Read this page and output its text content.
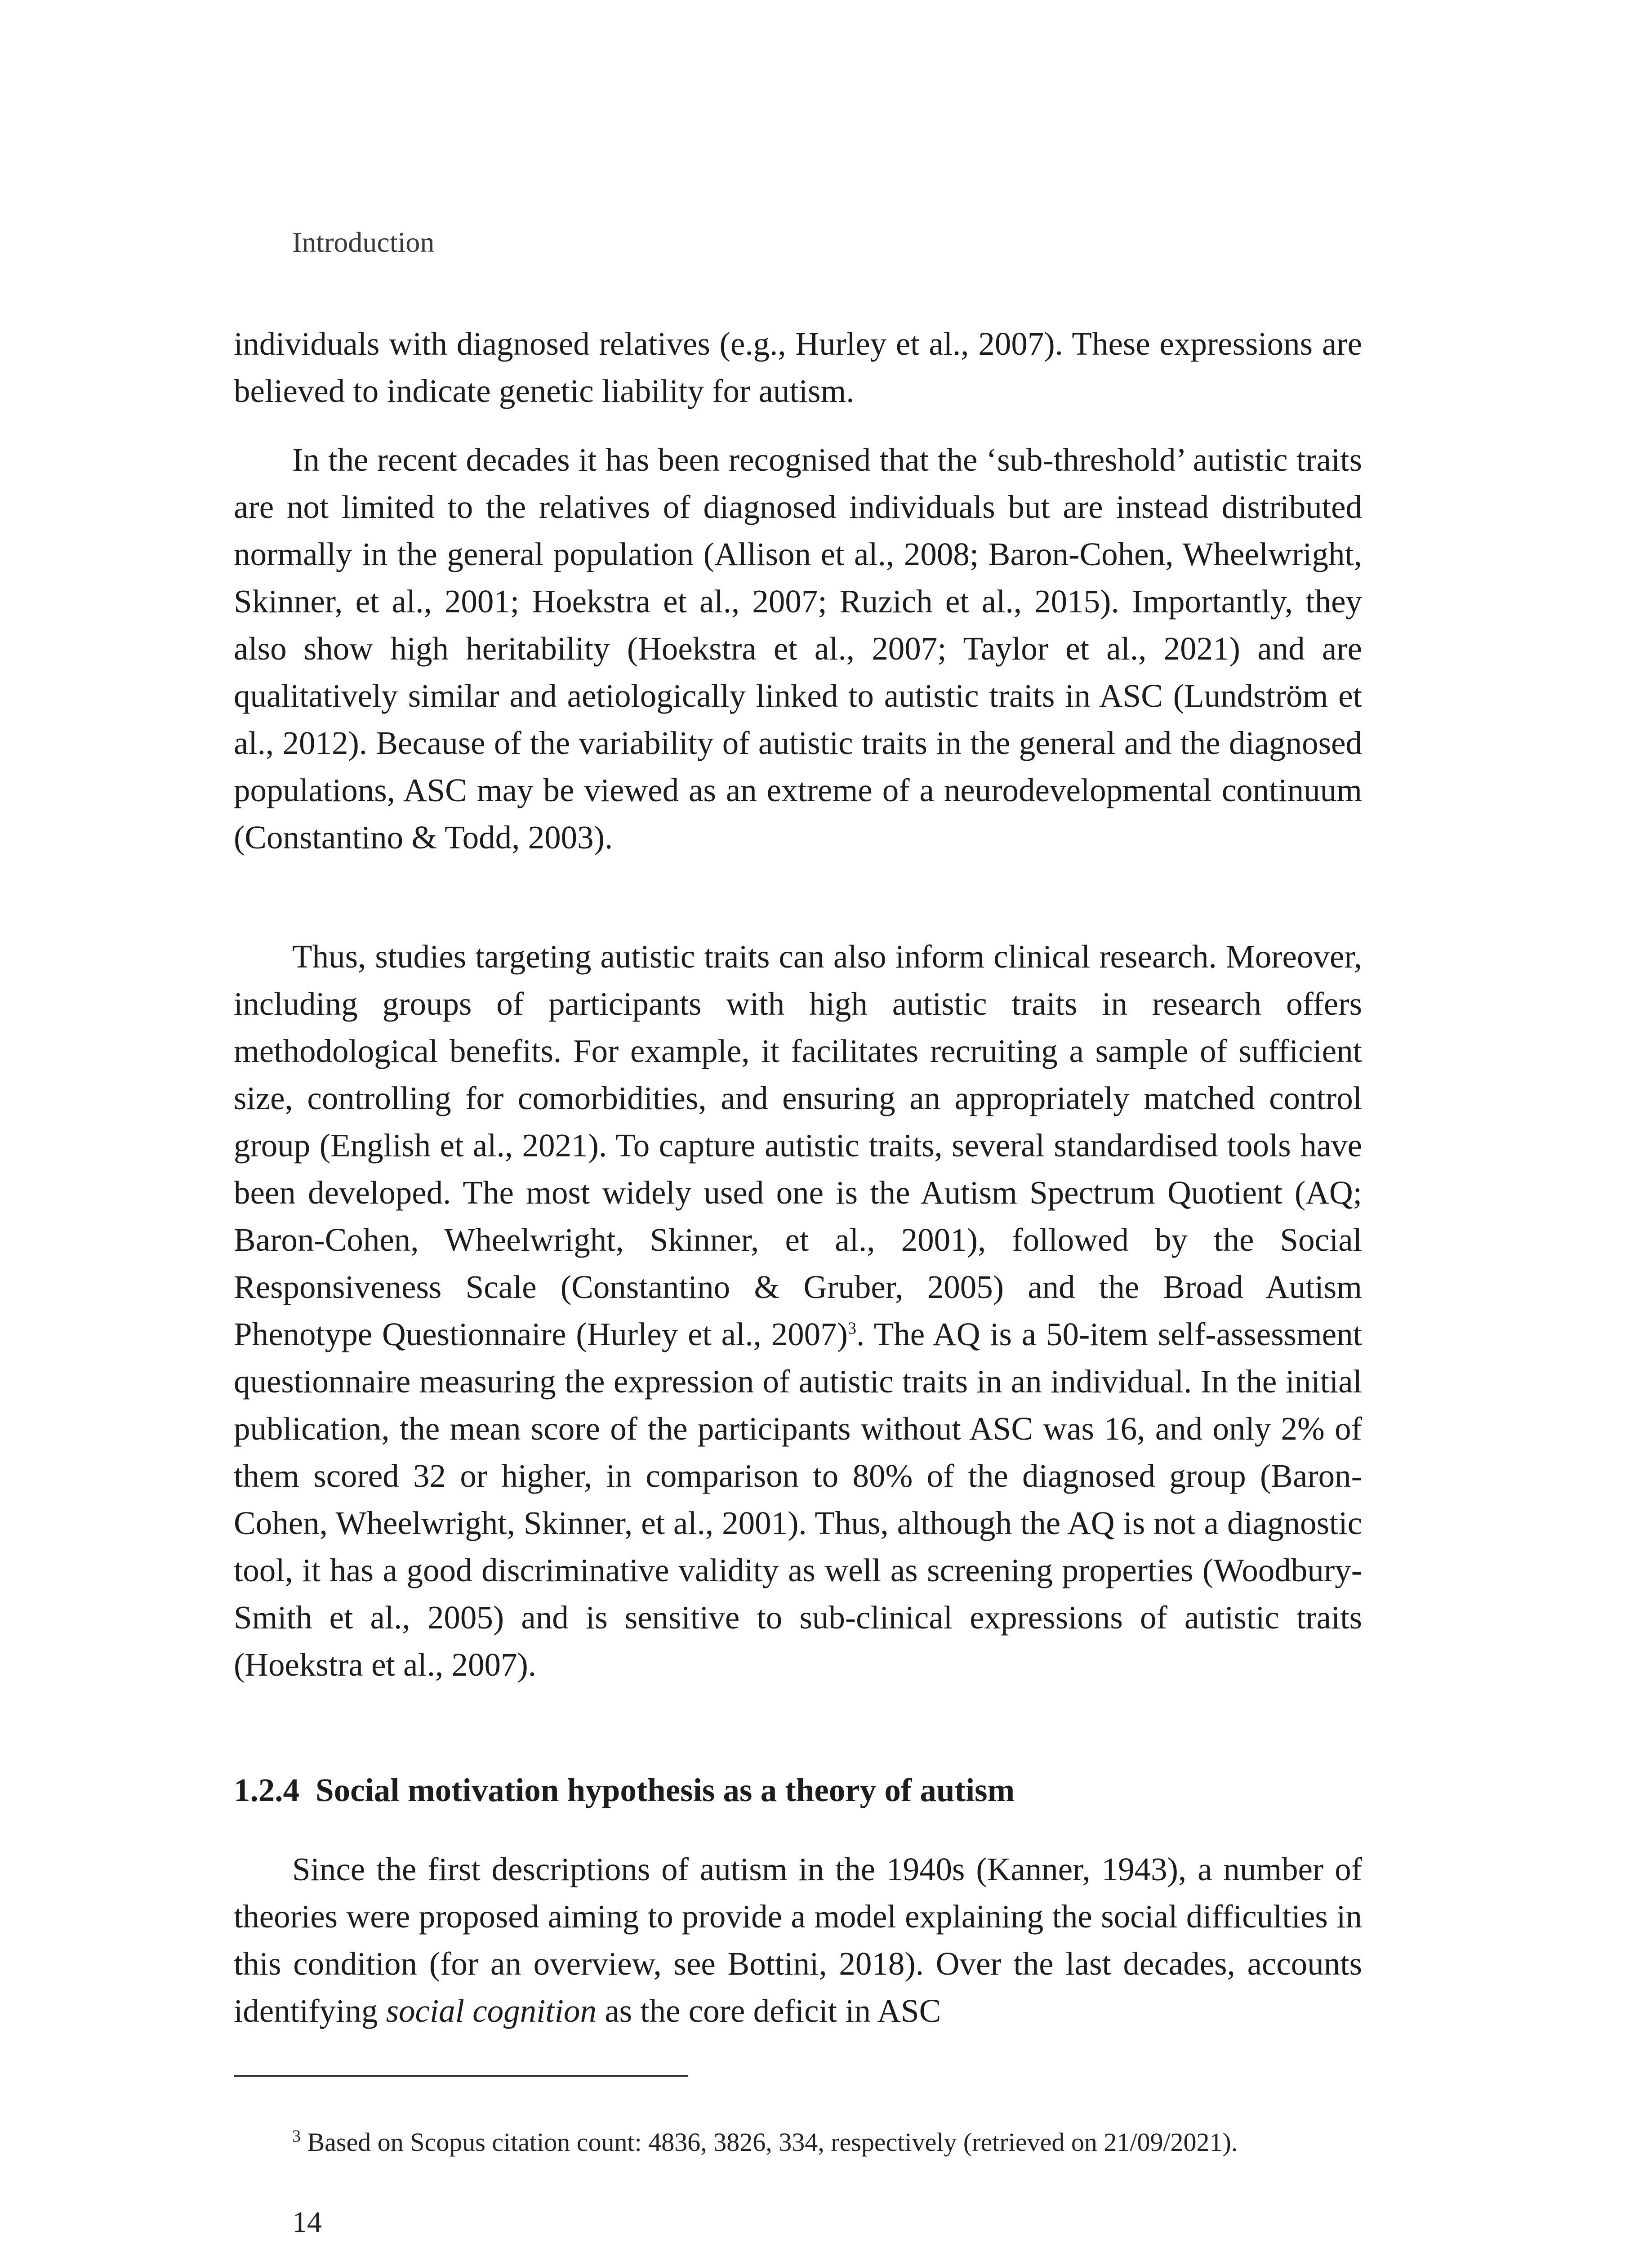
Introduction

individuals with diagnosed relatives (e.g., Hurley et al., 2007). These expressions are believed to indicate genetic liability for autism.

In the recent decades it has been recognised that the ‘sub-threshold’ autistic traits are not limited to the relatives of diagnosed individuals but are instead distributed normally in the general population (Allison et al., 2008; Baron-Cohen, Wheelwright, Skinner, et al., 2001; Hoekstra et al., 2007; Ruzich et al., 2015). Importantly, they also show high heritability (Hoekstra et al., 2007; Taylor et al., 2021) and are qualitatively similar and aetiologically linked to autistic traits in ASC (Lundström et al., 2012). Because of the variability of autistic traits in the general and the diagnosed populations, ASC may be viewed as an extreme of a neurodevelopmental continuum (Constantino & Todd, 2003).

Thus, studies targeting autistic traits can also inform clinical research. Moreover, including groups of participants with high autistic traits in research offers methodological benefits. For example, it facilitates recruiting a sample of sufficient size, controlling for comorbidities, and ensuring an appropriately matched control group (English et al., 2021). To capture autistic traits, several standardised tools have been developed. The most widely used one is the Autism Spectrum Quotient (AQ; Baron-Cohen, Wheelwright, Skinner, et al., 2001), followed by the Social Responsiveness Scale (Constantino & Gruber, 2005) and the Broad Autism Phenotype Questionnaire (Hurley et al., 2007)$^3$. The AQ is a 50-item self-assessment questionnaire measuring the expression of autistic traits in an individual. In the initial publication, the mean score of the participants without ASC was 16, and only 2% of them scored 32 or higher, in comparison to 80% of the diagnosed group (Baron-Cohen, Wheelwright, Skinner, et al., 2001). Thus, although the AQ is not a diagnostic tool, it has a good discriminative validity as well as screening properties (Woodbury-Smith et al., 2005) and is sensitive to sub-clinical expressions of autistic traits (Hoekstra et al., 2007).

1.2.4 Social motivation hypothesis as a theory of autism

Since the first descriptions of autism in the 1940s (Kanner, 1943), a number of theories were proposed aiming to provide a model explaining the social difficulties in this condition (for an overview, see Bottini, 2018). Over the last decades, accounts identifying social cognition as the core deficit in ASC

$^3$ Based on Scopus citation count: 4836, 3826, 334, respectively (retrieved on 21/09/2021).
14
